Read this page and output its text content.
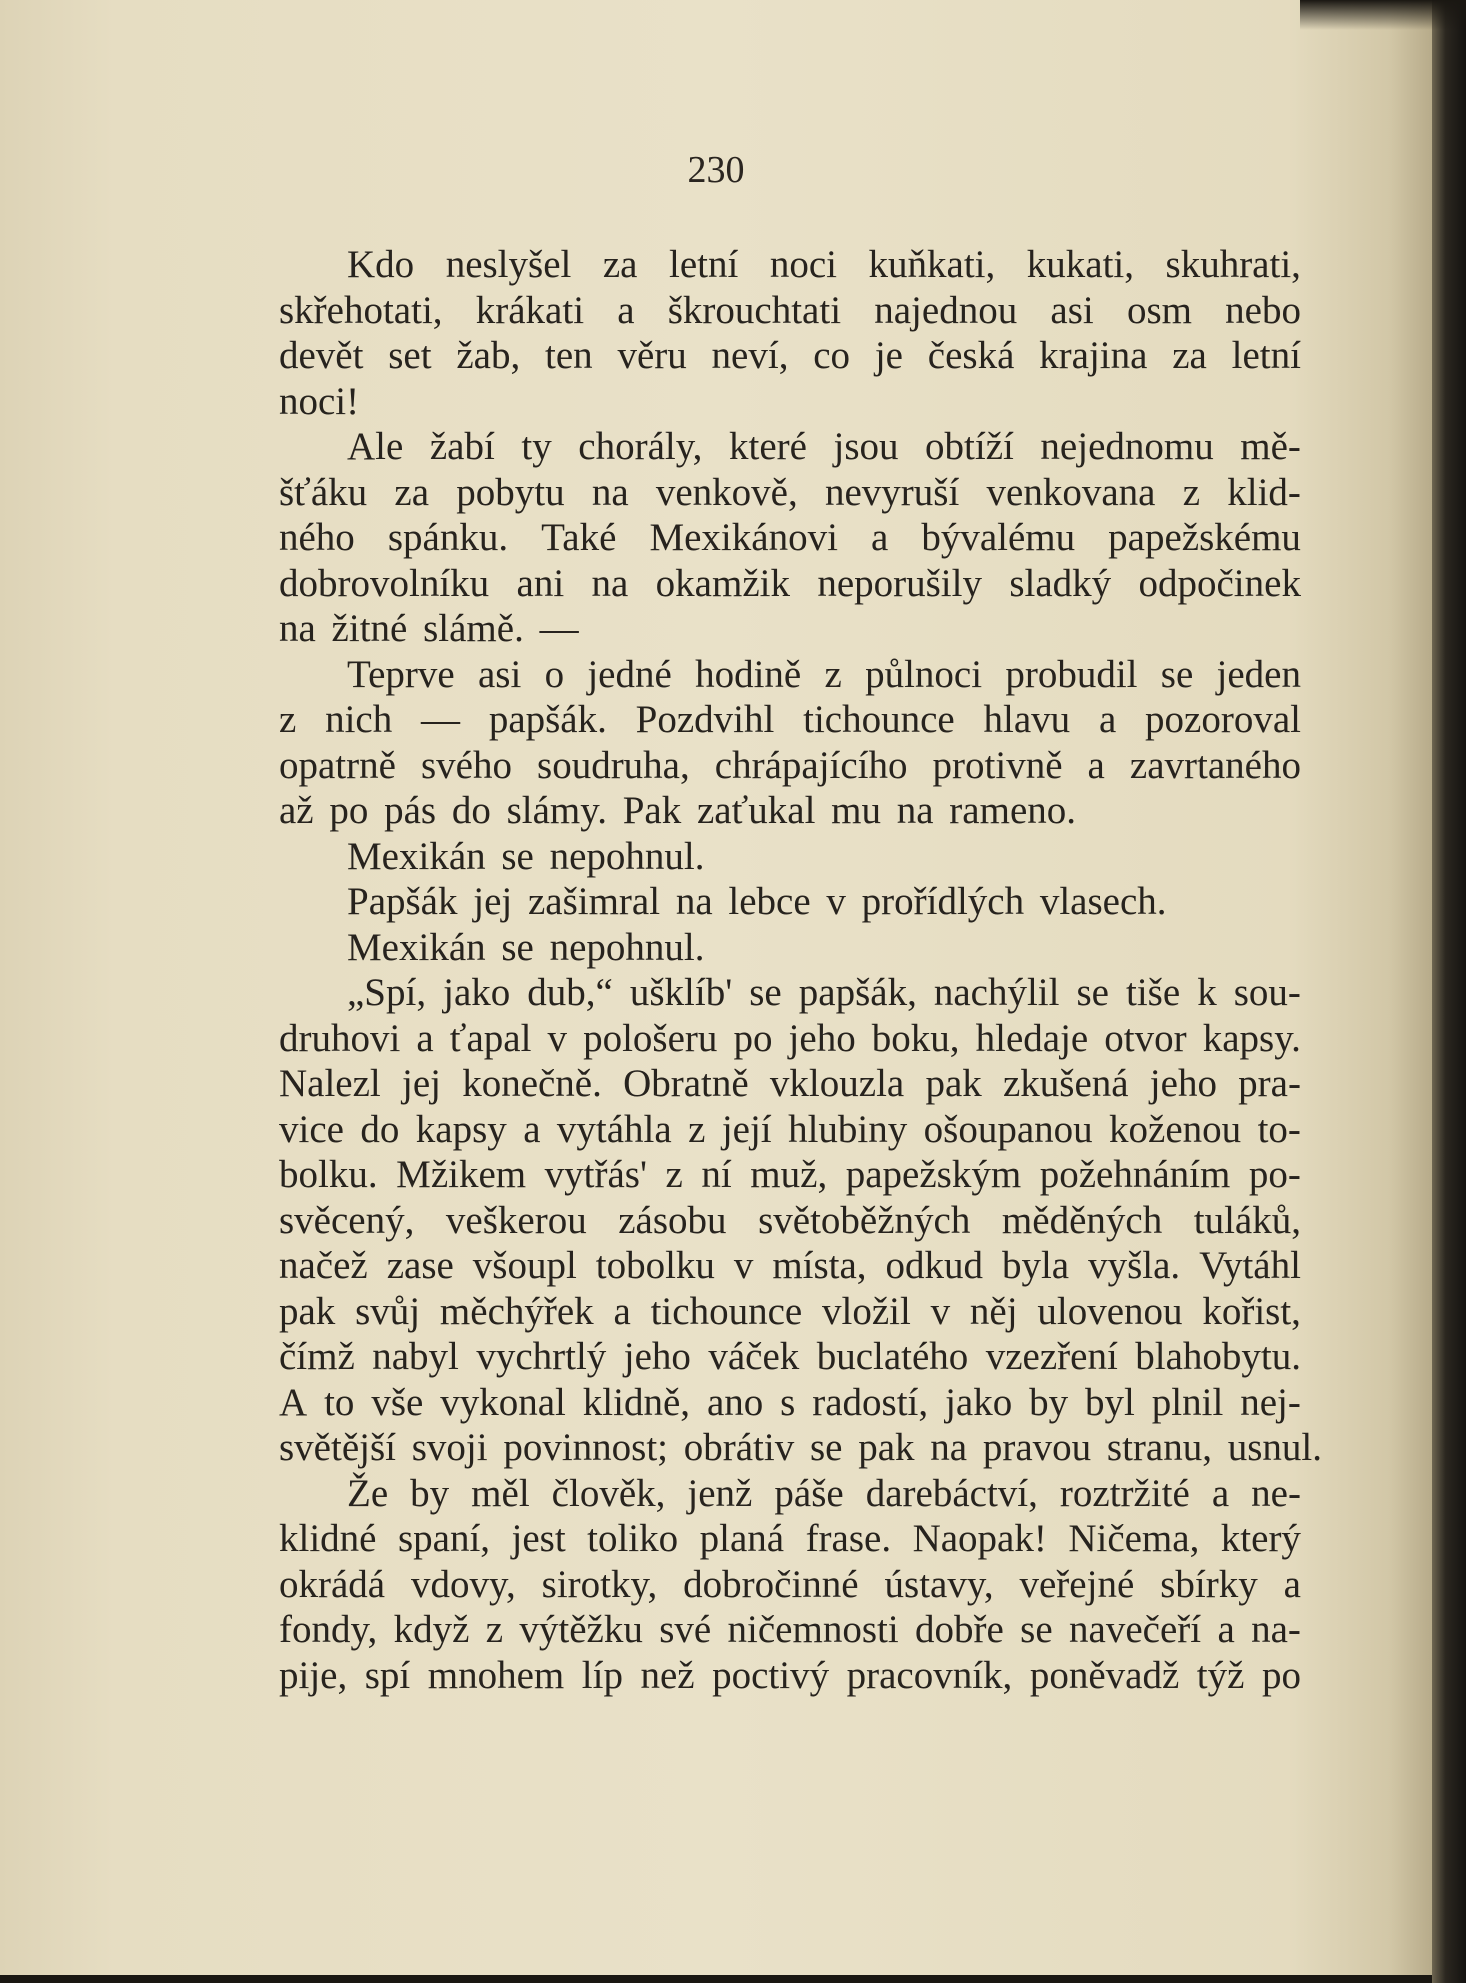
230
Kdo neslyšel za letní noci kuňkati, kukati, skuhrati,
skřehotati, krákati a škrouchtati najednou asi osm nebo
devět set žab, ten věru neví, co je česká krajina za letní
noci!
Ale žabí ty chorály, které jsou obtíží nejednomu mě-
šťáku za pobytu na venkově, nevyruší venkovana z klid-
ného spánku. Také Mexikánovi a bývalému papežskému
dobrovolníku ani na okamžik neporušily sladký odpočinek
na žitné slámě. —
Teprve asi o jedné hodině z půlnoci probudil se jeden
z nich — papšák. Pozdvihl tichounce hlavu a pozoroval
opatrně svého soudruha, chrápajícího protivně a zavrtaného
až po pás do slámy. Pak zaťukal mu na rameno.
Mexikán se nepohnul.
Papšák jej zašimral na lebce v prořídlých vlasech.
Mexikán se nepohnul.
„Spí, jako dub,“ ušklíb' se papšák, nachýlil se tiše k sou-
druhovi a ťapal v pološeru po jeho boku, hledaje otvor kapsy.
Nalezl jej konečně. Obratně vklouzla pak zkušená jeho pra-
vice do kapsy a vytáhla z její hlubiny ošoupanou koženou to-
bolku. Mžikem vytřás' z ní muž, papežským požehnáním po-
svěcený, veškerou zásobu světoběžných měděných tuláků,
načež zase všoupl tobolku v místa, odkud byla vyšla. Vytáhl
pak svůj měchýřek a tichounce vložil v něj ulovenou kořist,
čímž nabyl vychrtlý jeho váček buclatého vzezření blahobytu.
A to vše vykonal klidně, ano s radostí, jako by byl plnil nej-
světější svoji povinnost; obrátiv se pak na pravou stranu, usnul.
Že by měl člověk, jenž páše darebáctví, roztržité a ne-
klidné spaní, jest toliko planá frase. Naopak! Ničema, který
okrádá vdovy, sirotky, dobročinné ústavy, veřejné sbírky a
fondy, když z výtěžku své ničemnosti dobře se navečeří a na-
pije, spí mnohem líp než poctivý pracovník, poněvadž týž po
